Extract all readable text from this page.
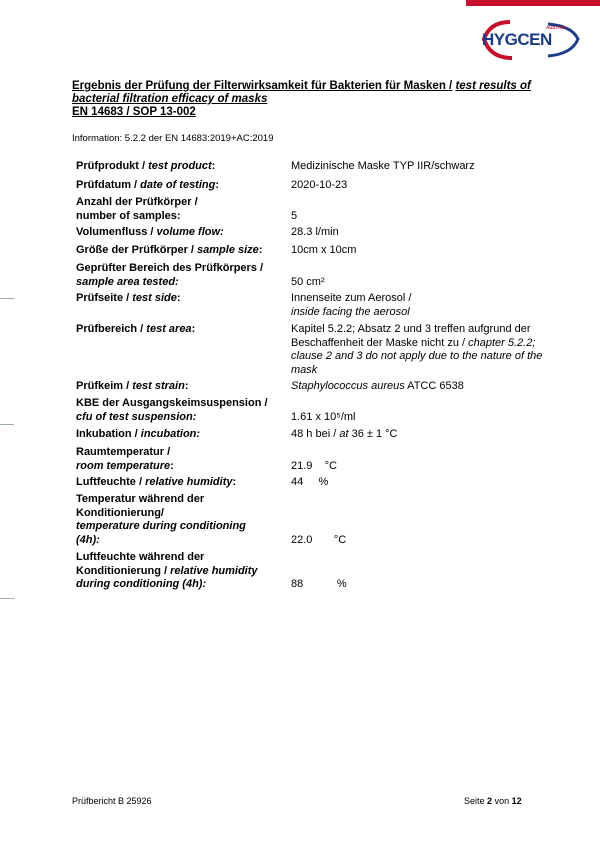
AUSTRIA
HYGCEN
Ergebnis der Prüfung der Filterwirksamkeit für Bakterien für Masken / test results of bacterial filtration efficacy of masks
EN 14683 / SOP 13-002
Information: 5.2.2 der EN 14683:2019+AC:2019
Prüfprodukt / test product:	Medizinische Maske TYP IIR/schwarz
Prüfdatum / date of testing:	2020-10-23
Anzahl der Prüfkörper /
number of samples:	5
Volumenfluss / volume flow:	28.3 l/min
Größe der Prüfkörper / sample size:	10cm x 10cm
Geprüfter Bereich des Prüfkörpers /
sample area tested:	50 cm²
Prüfseite / test side:	Innenseite zum Aerosol /
inside facing the aerosol
Prüfbereich / test area:	Kapitel 5.2.2; Absatz 2 und 3 treffen aufgrund der Beschaffenheit der Maske nicht zu / chapter 5.2.2; clause 2 and 3 do not apply due to the nature of the mask
Prüfkeim / test strain:	Staphylococcus aureus ATCC 6538
KBE der Ausgangskeimsuspension /
cfu of test suspension:	1.61 x 10⁵/ml
Inkubation / incubation:	48 h bei / at 36 ± 1 °C
Raumtemperatur /
room temperature:	21.9    °C
Luftfeuchte / relative humidity:	44     %
Temperatur während der
Konditionierung/
temperature during conditioning
(4h):	22.0       °C
Luftfeuchte während der
Konditionierung / relative humidity
during conditioning (4h):	88           %
Prüfbericht B 25926	Seite 2 von 12
